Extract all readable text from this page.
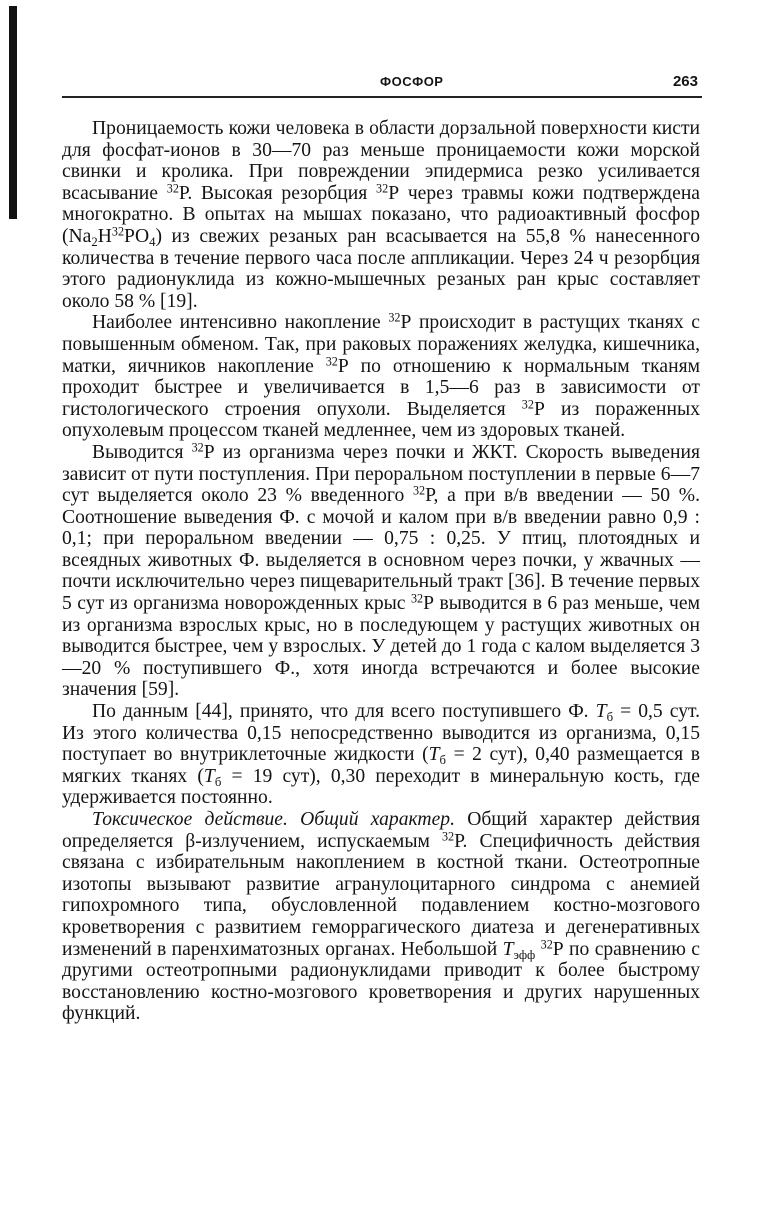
ФОСФОР	263

Проницаемость кожи человека в области дорзальной поверхности кисти для фосфат-ионов в 30—70 раз меньше проницаемости кожи морской свинки и кролика. При повреждении эпидермиса резко усиливается всасывание $^{32}$Р. Высокая резорбция $^{32}$Р через травмы кожи подтверждена многократно. В опытах на мышах показано, что радиоактивный фосфор $(Na_2H^{32}PO_4)$ из свежих резаных ран всасывается на 55,8 % нанесенного количества в течение первого часа после аппликации. Через 24 ч резорбция этого радионуклида из кожно-мышечных резаных ран крыс составляет около 58 % [19].

Наиболее интенсивно накопление $^{32}$Р происходит в растущих тканях с повышенным обменом. Так, при раковых поражениях желудка, кишечника, матки, яичников накопление $^{32}$Р по отношению к нормальным тканям проходит быстрее и увеличивается в 1,5—6 раз в зависимости от гистологического строения опухоли. Выделяется $^{32}$Р из пораженных опухолевым процессом тканей медленнее, чем из здоровых тканей.

Выводится $^{32}$Р из организма через почки и ЖКТ. Скорость выведения зависит от пути поступления. При пероральном поступлении в первые 6—7 сут выделяется около 23 % введенного $^{32}$Р, а при в/в введении — 50 %. Соотношение выведения Ф. с мочой и калом при в/в введении равно 0,9 : 0,1; при пероральном введении — 0,75 : 0,25. У птиц, плотоядных и всеядных животных Ф. выделяется в основном через почки, у жвачных — почти исключительно через пищеварительный тракт [36]. В течение первых 5 сут из организма новорожденных крыс $^{32}$Р выводится в 6 раз меньше, чем из организма взрослых крыс, но в последующем у растущих животных он выводится быстрее, чем у взрослых. У детей до 1 года с калом выделяется 3—20 % поступившего Ф., хотя иногда встречаются и более высокие значения [59].

По данным [44], принято, что для всего поступившего Ф. $T_б = 0,5$ сут. Из этого количества 0,15 непосредственно выводится из организма, 0,15 поступает во внутриклеточные жидкости ($T_б = 2$ сут), 0,40 размещается в мягких тканях ($T_б = 19$ сут), 0,30 переходит в минеральную кость, где удерживается постоянно.

Токсическое действие. Общий характер. Общий характер действия определяется β-излучением, испускаемым $^{32}$Р. Специфичность действия связана с избирательным накоплением в костной ткани. Остеотропные изотопы вызывают развитие агранулоцитарного синдрома с анемией гипохромного типа, обусловленной подавлением костно-мозгового кроветворения с развитием геморрагического диатеза и дегенеративных изменений в паренхиматозных органах. Небольшой $T_{эфф}$ $^{32}$Р по сравнению с другими остеотропными радионуклидами приводит к более быстрому восстановлению костно-мозгового кроветворения и других нарушенных функций.
